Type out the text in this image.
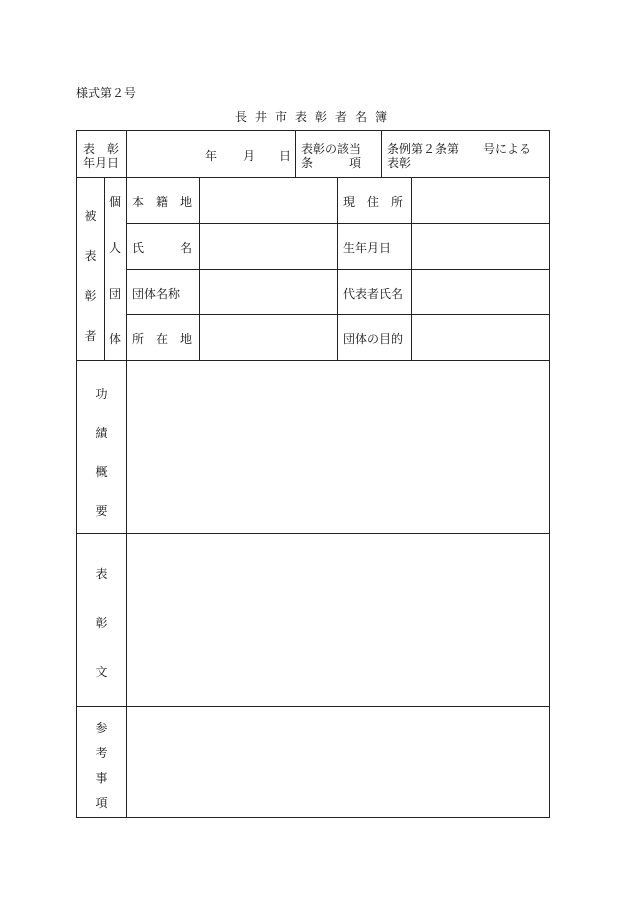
様式第２号
長井市表彰者名簿
表　彰
年月日	年 月 日 表彰の該当
条　　　項
条例第２条第　　号による
表彰
被
表
彰
者
個
人
団
体
本　籍　地
氏　　　名
団体名称
所　在　地
現　住　所
生年月日
代表者氏名
団体の目的
功
績
概
要
表
彰
文
参
考
事
項
